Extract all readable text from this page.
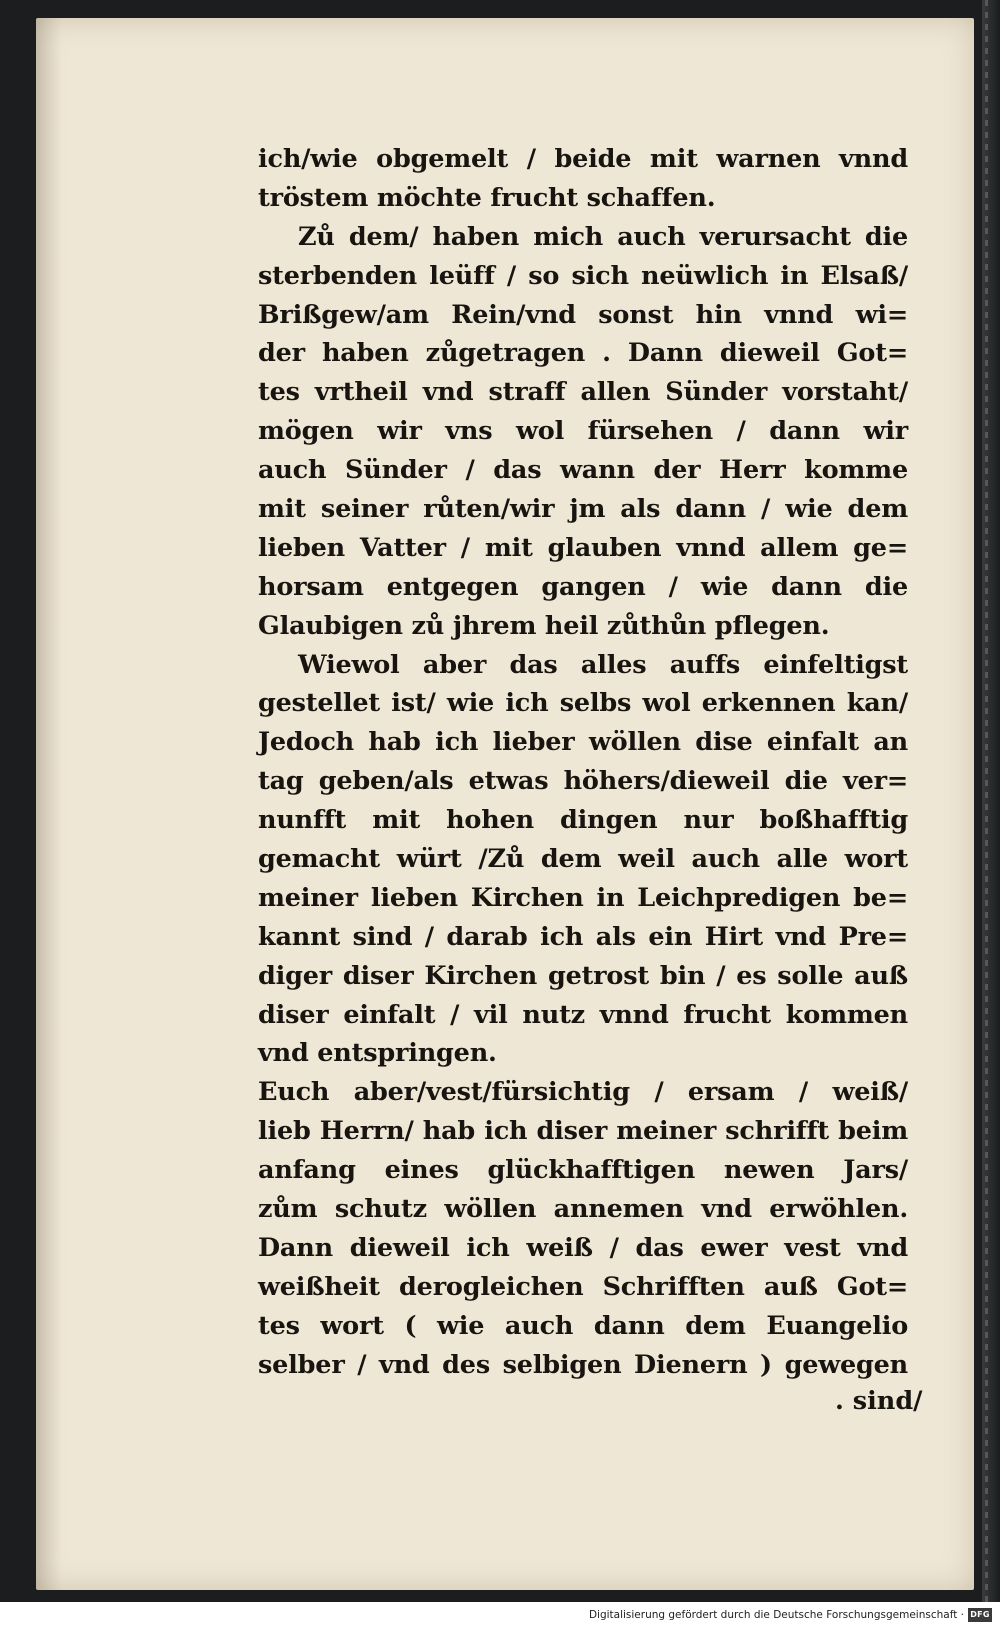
ich/wie obgemelt / beide mit warnen vnnd
tröstem möchte frucht schaffen.
Zů dem/ haben mich auch verursacht die
sterbenden leüff / so sich neüwlich in Elsaß/
Brißgew/am Rein/vnd sonst hin vnnd wi=
der haben zůgetragen . Dann dieweil Got=
tes vrtheil vnd straff allen Sünder vorstaht/
mögen wir vns wol fürsehen / dann wir
auch Sünder / das wann der Herr komme
mit seiner růten/wir jm als dann / wie dem
lieben Vatter / mit glauben vnnd allem ge=
horsam entgegen gangen / wie dann die
Glaubigen zů jhrem heil zůthůn pflegen.
Wiewol aber das alles auffs einfeltigst
gestellet ist/ wie ich selbs wol erkennen kan/
Jedoch hab ich lieber wöllen dise einfalt an
tag geben/als etwas höhers/dieweil die ver=
nunfft mit hohen dingen nur boßhafftig
gemacht würt /Zů dem weil auch alle wort
meiner lieben Kirchen in Leichpredigen be=
kannt sind / darab ich als ein Hirt vnd Pre=
diger diser Kirchen getrost bin / es solle auß
diser einfalt / vil nutz vnnd frucht kommen
vnd entspringen.
Euch aber/vest/fürsichtig / ersam / weiß/
lieb Herrn/ hab ich diser meiner schrifft beim
anfang eines glückhafftigen newen Jars/
zům schutz wöllen annemen vnd erwöhlen.
Dann dieweil ich weiß / das ewer vest vnd
weißheit derogleichen Schrifften auß Got=
tes wort ( wie auch dann dem Euangelio
selber / vnd des selbigen Dienern ) gewegen
. sind/
Digitalisierung gefördert durch die Deutsche Forschungsgemeinschaft · DFG
